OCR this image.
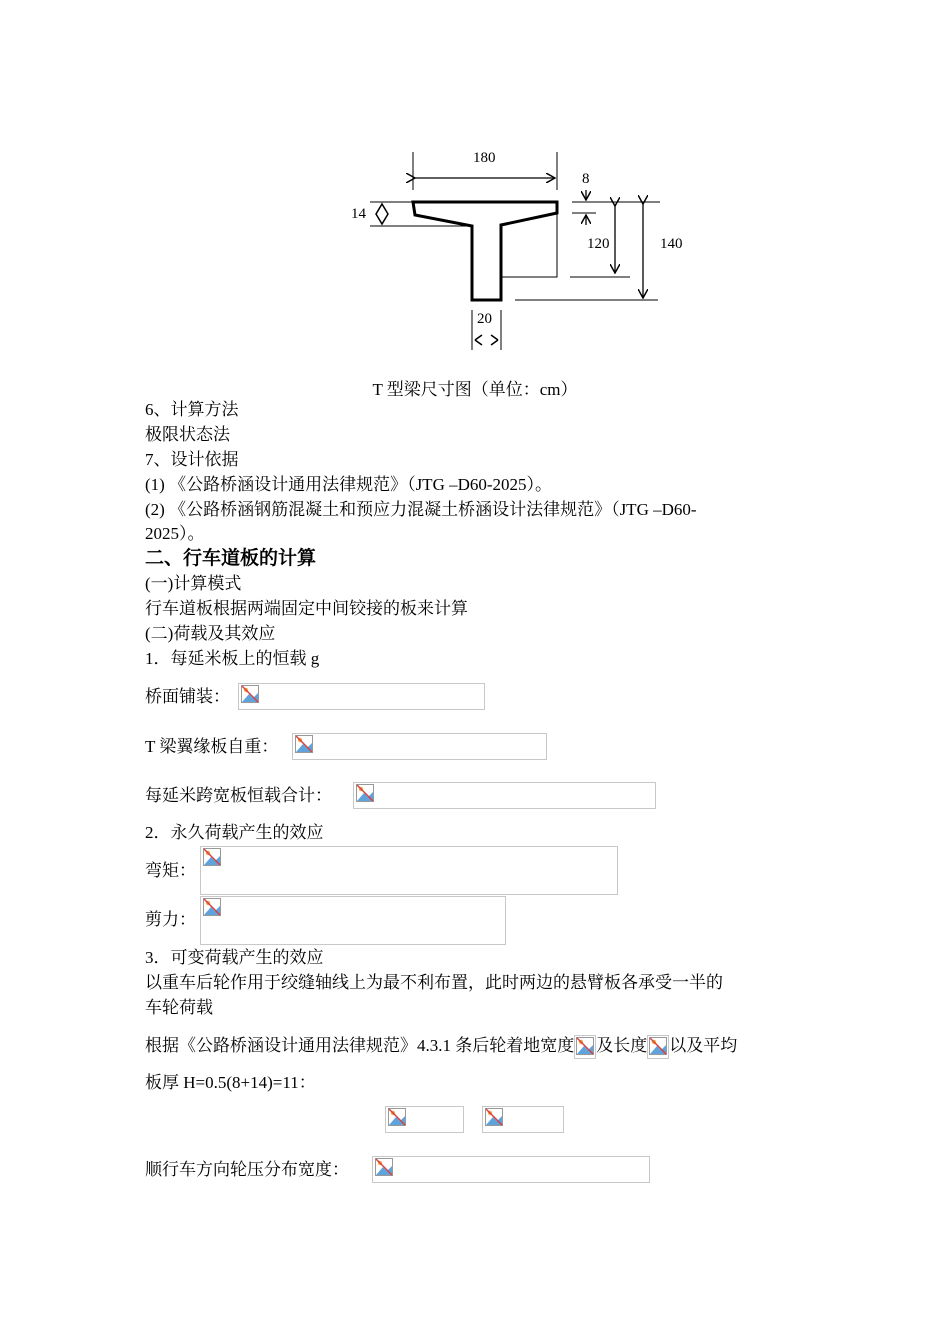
180
14
8
120	140
20
T 型梁尺寸图（单位：cm）
6、计算方法
极限状态法
7、设计依据
(1) 《公路桥涵设计通用法律规范》（JTG –D60-2025）。
(2) 《公路桥涵钢筋混凝土和预应力混凝土桥涵设计法律规范》（JTG –D60-
2025）。
二、行车道板的计算
(一)计算模式
行车道板根据两端固定中间铰接的板来计算
(二)荷载及其效应
1．每延米板上的恒载 g
桥面铺装：
T 梁翼缘板自重：
每延米跨宽板恒载合计：
2．永久荷载产生的效应
弯矩：
剪力：
3．可变荷载产生的效应
以重车后轮作用于绞缝轴线上为最不利布置，此时两边的悬臂板各承受一半的
车轮荷载
根据《公路桥涵设计通用法律规范》4.3.1 条后轮着地宽度 及长度 以及平均
板厚 H=0.5(8+14)=11：
顺行车方向轮压分布宽度：
